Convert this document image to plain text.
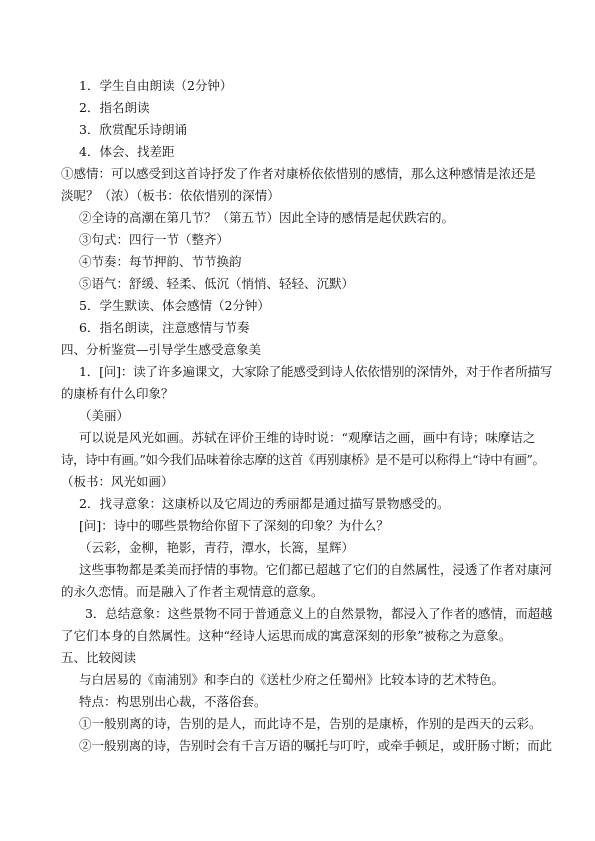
1．学生自由朗读（2分钟）
2．指名朗读
3．欣赏配乐诗朗诵
4．体会、找差距
①感情：可以感受到这首诗抒发了作者对康桥依依惜别的感情，那么这种感情是浓还是
淡呢？（浓）（板书：依依惜别的深情）
②全诗的高潮在第几节？（第五节）因此全诗的感情是起伏跌宕的。
③句式：四行一节（整齐）
④节奏：每节押韵、节节换韵
⑤语气：舒缓、轻柔、低沉（悄悄、轻轻、沉默）
5．学生默读、体会感情（2分钟）
6．指名朗读，注意感情与节奏
四、分析鉴赏—引导学生感受意象美
1．[问]：读了许多遍课文，大家除了能感受到诗人依依惜别的深情外，对于作者所描写
的康桥有什么印象？
（美丽）
可以说是风光如画。苏轼在评价王维的诗时说：“观摩诘之画，画中有诗；味摩诘之
诗，诗中有画。”如今我们品味着徐志摩的这首《再别康桥》是不是可以称得上“诗中有画”。
（板书：风光如画）
2．找寻意象：这康桥以及它周边的秀丽都是通过描写景物感受的。
[问]：诗中的哪些景物给你留下了深刻的印象？为什么？
（云彩，金柳，艳影，青荇，潭水，长篙，星辉）
这些事物都是柔美而抒情的事物。它们都已超越了它们的自然属性，浸透了作者对康河
的永久恋情。而是融入了作者主观情意的意象。
3．总结意象：这些景物不同于普通意义上的自然景物，都浸入了作者的感情，而超越
了它们本身的自然属性。这种“经诗人运思而成的寓意深刻的形象”被称之为意象。
五、比较阅读
与白居易的《南浦别》和李白的《送杜少府之任蜀州》比较本诗的艺术特色。
特点：构思别出心裁，不落俗套。
①一般别离的诗，告别的是人，而此诗不是，告别的是康桥，作别的是西天的云彩。
②一般别离的诗，告别时会有千言万语的嘱托与叮咛，或牵手顿足，或肝肠寸断；而此
